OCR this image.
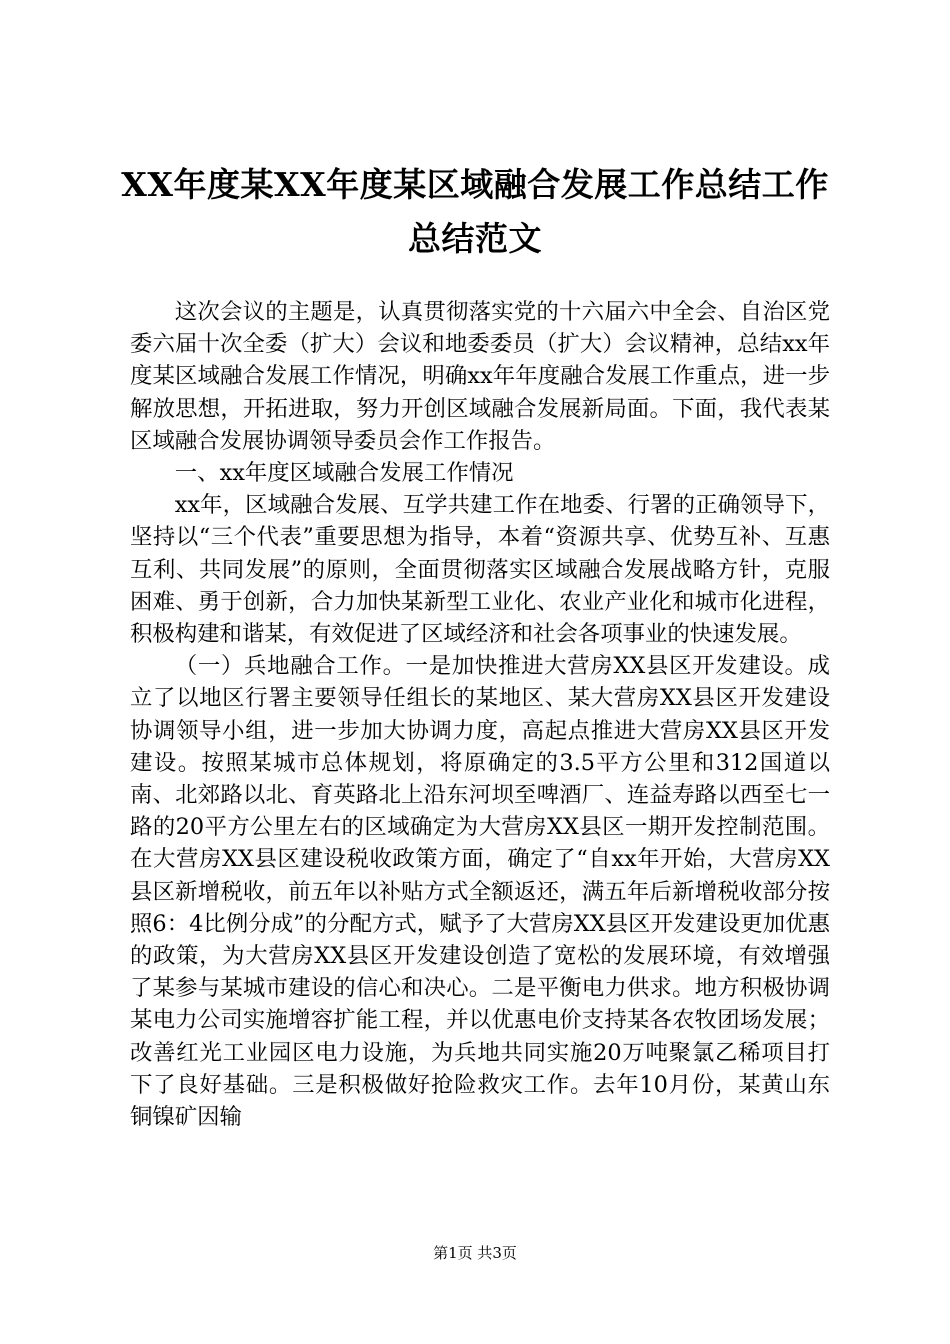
XX年度某XX年度某区域融合发展工作总结工作总结范文

这次会议的主题是，认真贯彻落实党的十六届六中全会、自治区党委六届十次全委（扩大）会议和地委委员（扩大）会议精神，总结xx年度某区域融合发展工作情况，明确xx年年度融合发展工作重点，进一步解放思想，开拓进取，努力开创区域融合发展新局面。下面，我代表某区域融合发展协调领导委员会作工作报告。

一、xx年度区域融合发展工作情况

xx年，区域融合发展、互学共建工作在地委、行署的正确领导下，坚持以“三个代表”重要思想为指导，本着“资源共享、优势互补、互惠互利、共同发展”的原则，全面贯彻落实区域融合发展战略方针，克服困难、勇于创新，合力加快某新型工业化、农业产业化和城市化进程，积极构建和谐某，有效促进了区域经济和社会各项事业的快速发展。

（一）兵地融合工作。一是加快推进大营房XX县区开发建设。成立了以地区行署主要领导任组长的某地区、某大营房XX县区开发建设协调领导小组，进一步加大协调力度，高起点推进大营房XX县区开发建设。按照某城市总体规划，将原确定的3.5平方公里和312国道以南、北郊路以北、育英路北上沿东河坝至啤酒厂、连益寿路以西至七一路的20平方公里左右的区域确定为大营房XX县区一期开发控制范围。在大营房XX县区建设税收政策方面，确定了“自xx年开始，大营房XX县区新增税收，前五年以补贴方式全额返还，满五年后新增税收部分按照6：4比例分成”的分配方式，赋予了大营房XX县区开发建设更加优惠的政策，为大营房XX县区开发建设创造了宽松的发展环境，有效增强了某参与某城市建设的信心和决心。二是平衡电力供求。地方积极协调某电力公司实施增容扩能工程，并以优惠电价支持某各农牧团场发展；改善红光工业园区电力设施，为兵地共同实施20万吨聚氯乙稀项目打下了良好基础。三是积极做好抢险救灾工作。去年10月份，某黄山东铜镍矿因输

第1页 共3页
